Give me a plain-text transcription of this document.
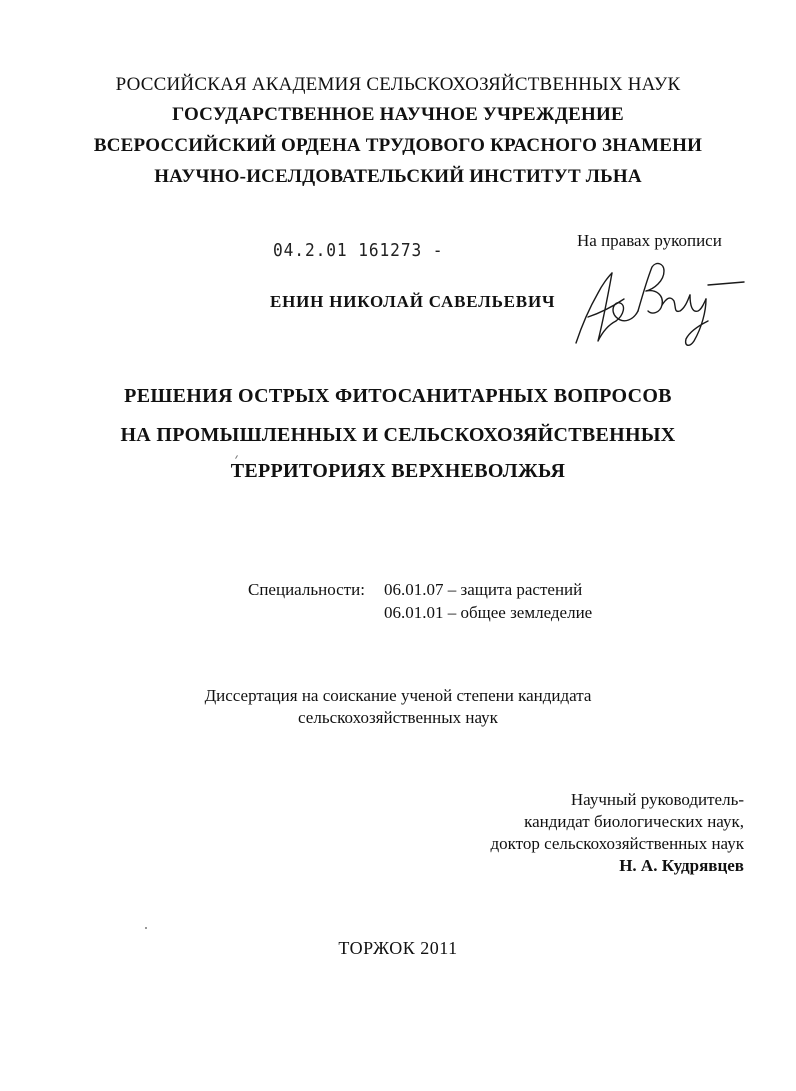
РОССИЙСКАЯ АКАДЕМИЯ СЕЛЬСКОХОЗЯЙСТВЕННЫХ НАУК
ГОСУДАРСТВЕННОЕ НАУЧНОЕ УЧРЕЖДЕНИЕ
ВСЕРОССИЙСКИЙ ОРДЕНА ТРУДОВОГО КРАСНОГО ЗНАМЕНИ
НАУЧНО-ИСЕЛДОВАТЕЛЬСКИЙ ИНСТИТУТ ЛЬНА
04.2.01 161273 -	На правах рукописи
ЕНИН НИКОЛАЙ САВЕЛЬЕВИЧ
РЕШЕНИЯ ОСТРЫХ ФИТОСАНИТАРНЫХ ВОПРОСОВ
НА ПРОМЫШЛЕННЫХ И СЕЛЬСКОХОЗЯЙСТВЕННЫХ
ТЕРРИТОРИЯХ ВЕРХНЕВОЛЖЬЯ
Специальности: 06.01.07 – защита растений
06.01.01 – общее земледелие
Диссертация на соискание ученой степени кандидата
сельскохозяйственных наук
Научный руководитель-
кандидат биологических наук,
доктор сельскохозяйственных наук
Н. А. Кудрявцев
ТОРЖОК 2011
